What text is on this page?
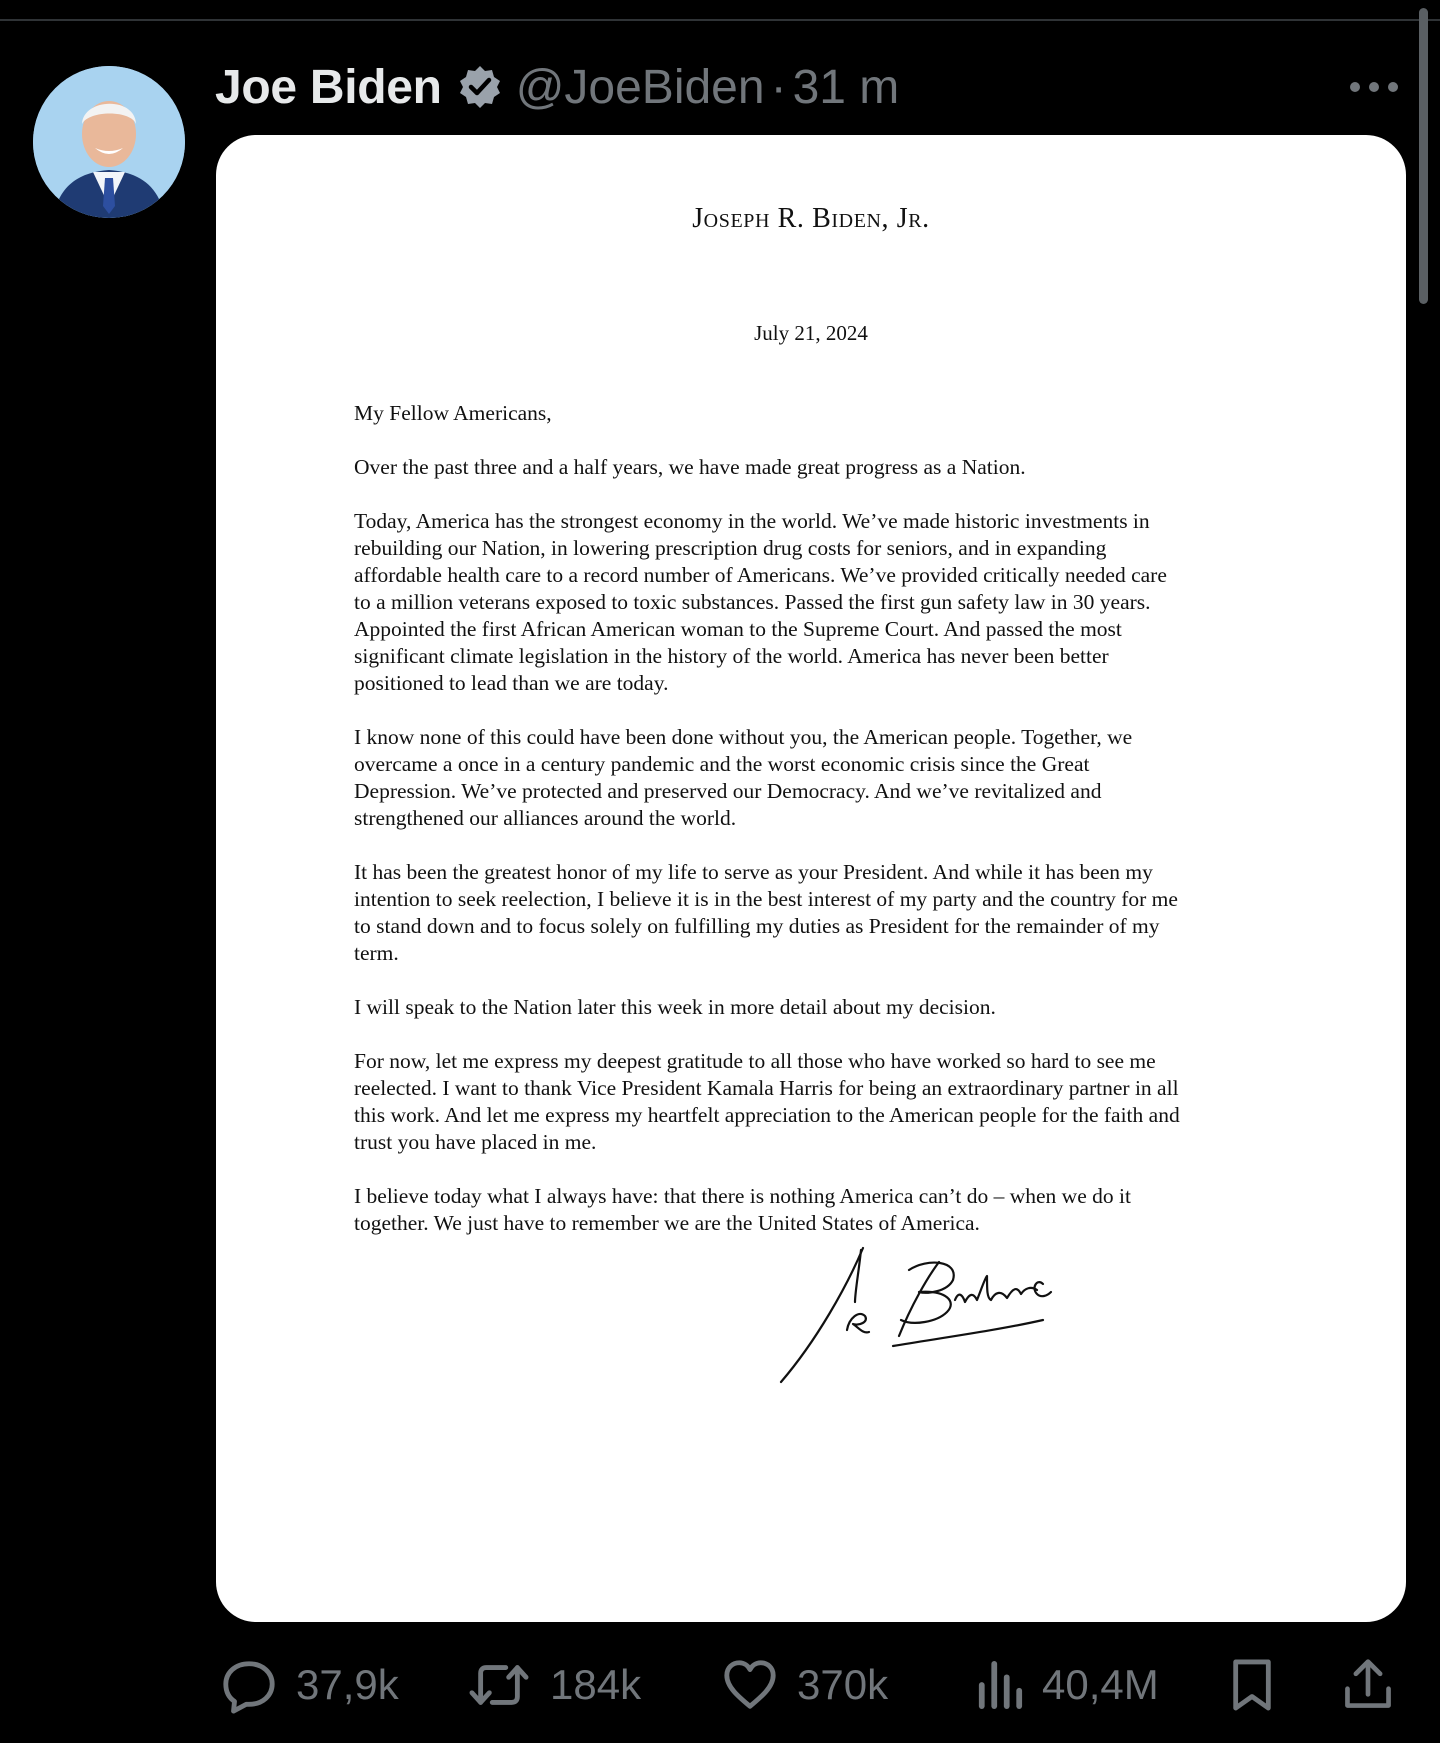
Joe Biden @JoeBiden · 31 m
Joseph R. Biden, Jr.
July 21, 2024

My Fellow Americans,

Over the past three and a half years, we have made great progress as a Nation.

Today, America has the strongest economy in the world. We’ve made historic investments in
rebuilding our Nation, in lowering prescription drug costs for seniors, and in expanding
affordable health care to a record number of Americans. We’ve provided critically needed care
to a million veterans exposed to toxic substances. Passed the first gun safety law in 30 years.
Appointed the first African American woman to the Supreme Court. And passed the most
significant climate legislation in the history of the world. America has never been better
positioned to lead than we are today.

I know none of this could have been done without you, the American people. Together, we
overcame a once in a century pandemic and the worst economic crisis since the Great
Depression. We’ve protected and preserved our Democracy. And we’ve revitalized and
strengthened our alliances around the world.

It has been the greatest honor of my life to serve as your President. And while it has been my
intention to seek reelection, I believe it is in the best interest of my party and the country for me
to stand down and to focus solely on fulfilling my duties as President for the remainder of my
term.

I will speak to the Nation later this week in more detail about my decision.

For now, let me express my deepest gratitude to all those who have worked so hard to see me
reelected. I want to thank Vice President Kamala Harris for being an extraordinary partner in all
this work. And let me express my heartfelt appreciation to the American people for the faith and
trust you have placed in me.

I believe today what I always have: that there is nothing America can’t do – when we do it
together. We just have to remember we are the United States of America.

37,9k	184k	370k	40,4M
